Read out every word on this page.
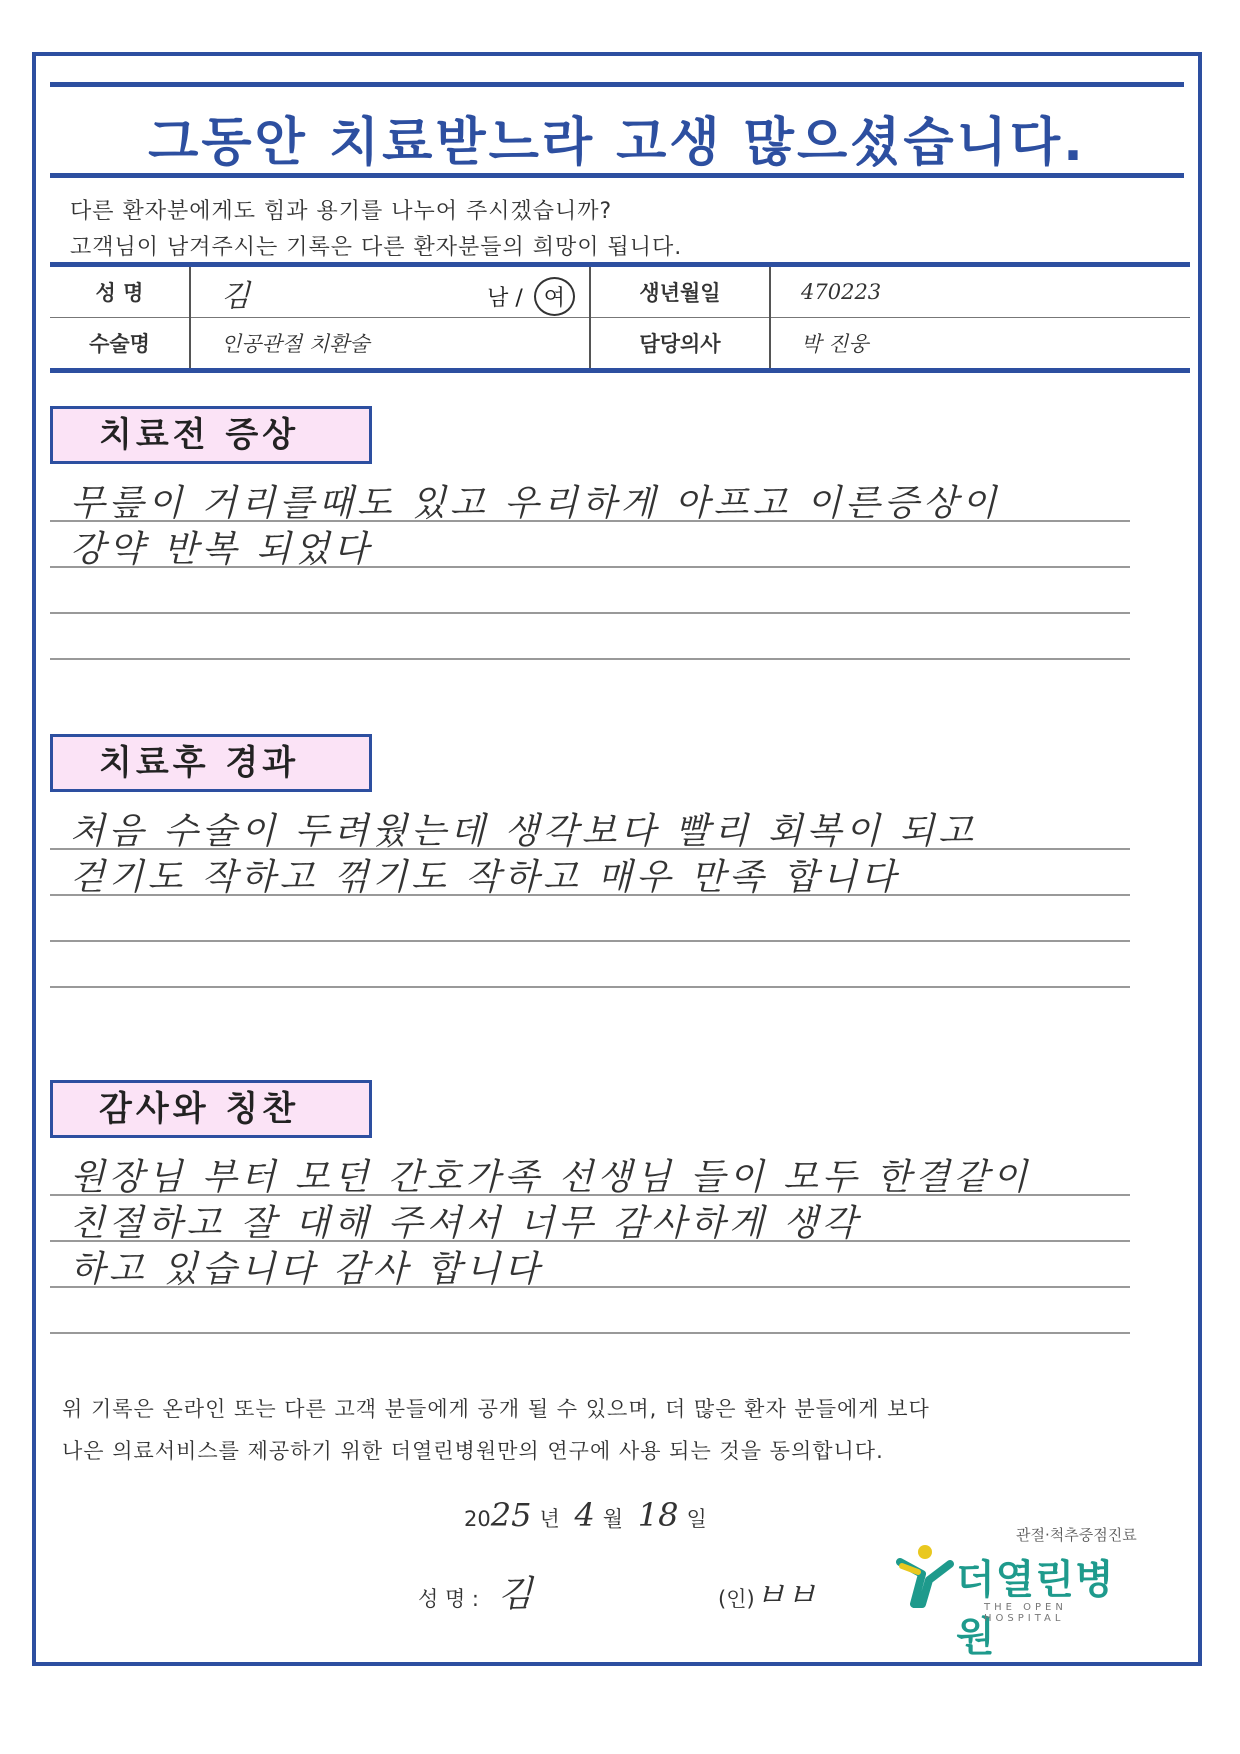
그동안 치료받느라 고생 많으셨습니다.
다른 환자분에게도 힘과 용기를 나누어 주시겠습니까?
고객님이 남겨주시는 기록은 다른 환자분들의 희망이 됩니다.
성 명	김 남 / 여	생년월일	470223
수술명	인공관절 치환술	담당의사	박 진웅
치료전 증상
무릎이 거리를때도 있고 우리하게 아프고 이른증상이
강약 반복 되었다
치료후 경과
처음 수술이 두려웠는데 생각보다 빨리 회복이 되고
걷기도 작하고 꺾기도 작하고 매우 만족 합니다
감사와 칭찬
원장님 부터 모던 간호가족 선생님 들이 모두 한결같이
친절하고 잘 대해 주셔서 너무 감사하게 생각
하고 있습니다 감사 합니다
위 기록은 온라인 또는 다른 고객 분들에게 공개 될 수 있으며, 더 많은 환자 분들에게 보다
나은 의료서비스를 제공하기 위한 더열린병원만의 연구에 사용 되는 것을 동의합니다.
2025 년 4 월 18 일
성 명 : 김	(인)ㅂㅂ
관절·척추중점진료
더열린병원
THE OPEN HOSPITAL
